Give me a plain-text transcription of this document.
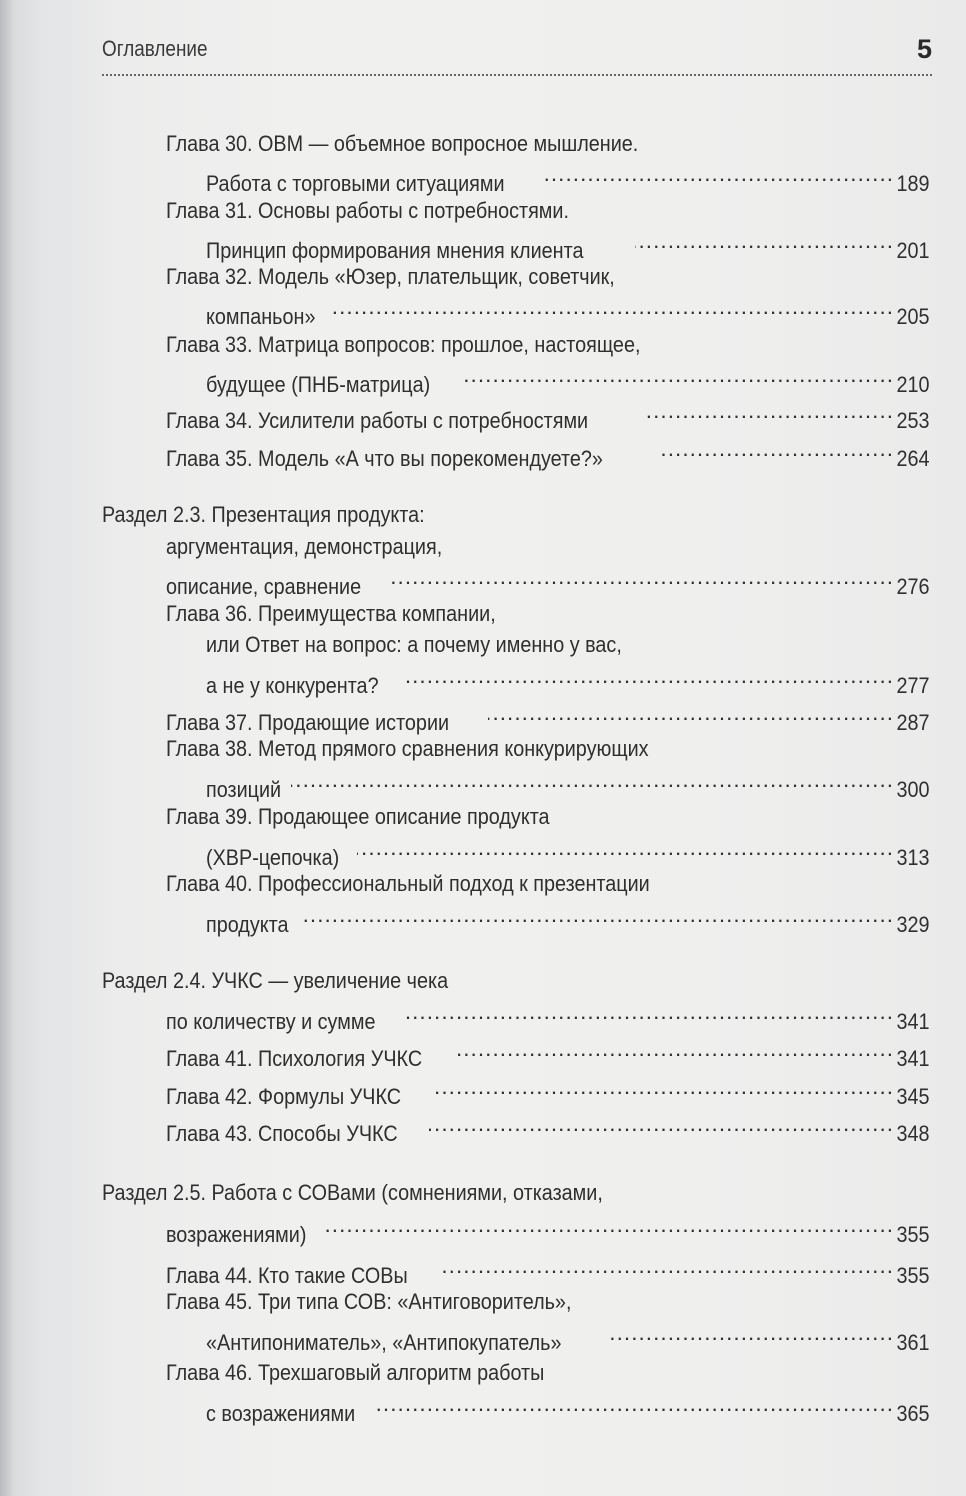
Оглавление	5
Глава 30. ОВМ — объемное вопросное мышление.
Работа с торговыми ситуациями . . .	189
Глава 31. Основы работы с потребностями.
Принцип формирования мнения клиента . . .	201
Глава 32. Модель «Юзер, плательщик, советчик,
компаньон» . . .	205
Глава 33. Матрица вопросов: прошлое, настоящее,
будущее (ПНБ-матрица) . . .	210
Глава 34. Усилители работы с потребностями . . .	253
Глава 35. Модель «А что вы порекомендуете?» . . .	264
Раздел 2.3. Презентация продукта:
аргументация, демонстрация,
описание, сравнение . . .	276
Глава 36. Преимущества компании,
или Ответ на вопрос: а почему именно у вас,
а не у конкурента? . . .	277
Глава 37. Продающие истории . . .	287
Глава 38. Метод прямого сравнения конкурирующих
позиций . . .	300
Глава 39. Продающее описание продукта
(ХВР-цепочка) . . .	313
Глава 40. Профессиональный подход к презентации
продукта . . .	329
Раздел 2.4. УЧКС — увеличение чека
по количеству и сумме . . .	341
Глава 41. Психология УЧКС . . .	341
Глава 42. Формулы УЧКС . . .	345
Глава 43. Способы УЧКС . . .	348
Раздел 2.5. Работа с СОВами (сомнениями, отказами,
возражениями) . . .	355
Глава 44. Кто такие СОВы . . .	355
Глава 45. Три типа СОВ: «Антиговоритель»,
«Антипониматель», «Антипокупатель» . . .	361
Глава 46. Трехшаговый алгоритм работы
с возражениями . . .	365
